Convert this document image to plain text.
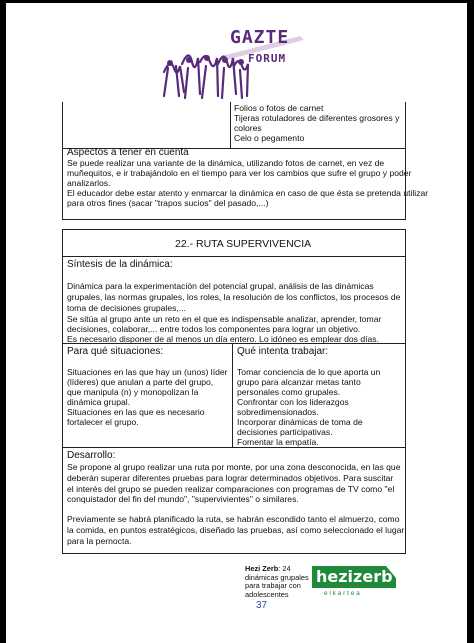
GAZTE
FORUM
Folios o fotos de carnet
Tijeras rotuladores de diferentes grosores y
colores
Celo o pegamento
Aspectos a tener en cuenta
Se puede realizar una variante de la dinámica, utilizando fotos de carnet, en vez de
muñequitos, e ir trabajándolo en el tiempo para ver los cambios que sufre el grupo y poder
analizarlos.
El educador debe estar atento y enmarcar la dinámica en caso de que ésta se pretenda utilizar
para otros fines (sacar "trapos sucios" del pasado,...)
22.- RUTA SUPERVIVENCIA
Síntesis de la dinámica:
Dinámica para la experimentación del potencial grupal, análisis de las dinámicas
grupales, las normas grupales, los roles, la resolución de los conflictos, los procesos de
toma de decisiones grupales,...
Se sitúa al grupo ante un reto en el que es indispensable analizar, aprender, tomar
decisiones, colaborar,... entre todos los componentes para lograr un objetivo.
Es necesario disponer de al menos un día entero. Lo idóneo es emplear dos días.
Para qué situaciones:
Situaciones en las que hay un (unos) líder
(líderes) que anulan a parte del grupo,
que manipula (n) y monopolizan la
dinámica grupal.
Situaciones en las que es necesario
fortalecer el grupo.
Qué intenta trabajar:
Tomar conciencia de lo que aporta un
grupo para alcanzar metas tanto
personales como grupales.
Confrontar con los liderazgos
sobredimensionados.
Incorporar dinámicas de toma de
decisiones participativas.
Fomentar la empatía.
Desarrollo:
Se propone al grupo realizar una ruta por monte, por una zona desconocida, en las que
deberán superar diferentes pruebas para lograr determinados objetivos. Para suscitar
el interés del grupo se pueden realizar comparaciones con programas de TV como "el
conquistador del fin del mundo", "supervivientes" o similares.
Previamente se habrá planificado la ruta, se habrán escondido tanto el almuerzo, como
la comida, en puntos estratégicos, diseñado las pruebas, así como seleccionado el lugar
para la pernocta.
Hezi Zerb: 24
dinámicas grupales
para trabajar con
adolescentes
37
hezizerb
e l k a r t e a
